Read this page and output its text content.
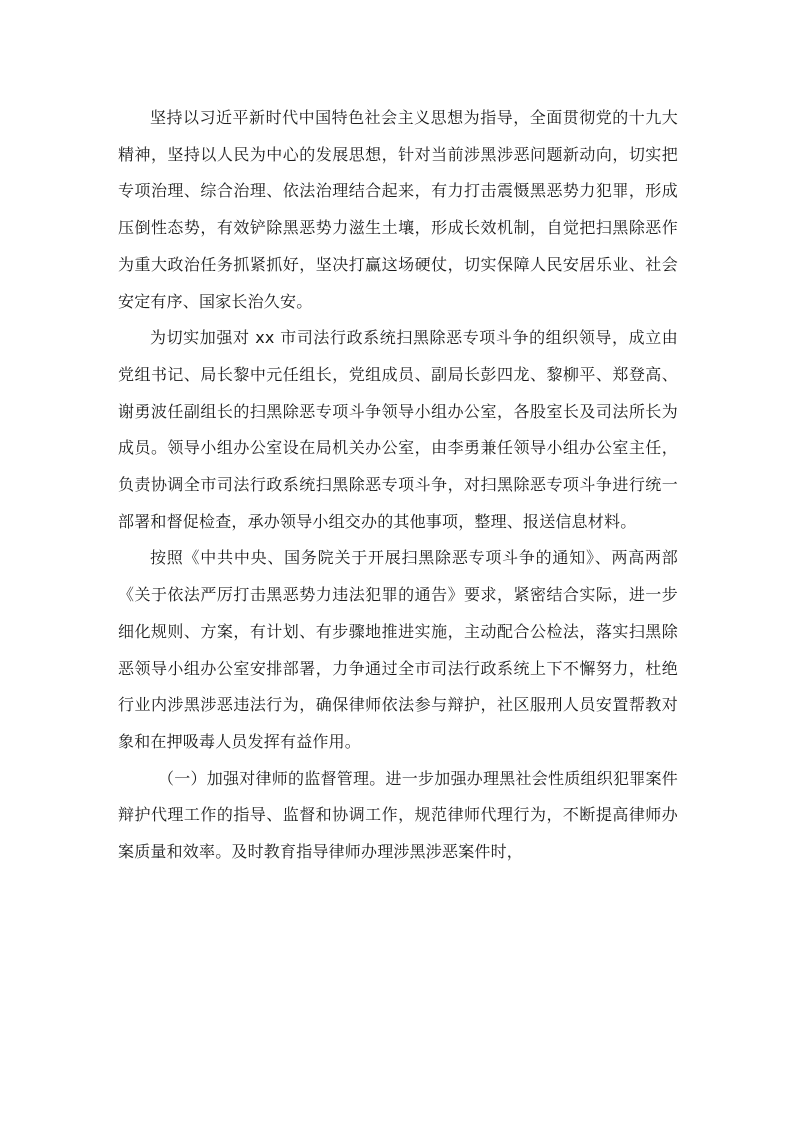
坚持以习近平新时代中国特色社会主义思想为指导，全面贯彻党的十九大精神，坚持以人民为中心的发展思想，针对当前涉黑涉恶问题新动向，切实把专项治理、综合治理、依法治理结合起来，有力打击震慑黑恶势力犯罪，形成压倒性态势，有效铲除黑恶势力滋生土壤，形成长效机制，自觉把扫黑除恶作为重大政治任务抓紧抓好，坚决打赢这场硬仗，切实保障人民安居乐业、社会安定有序、国家长治久安。

为切实加强对 xx 市司法行政系统扫黑除恶专项斗争的组织领导，成立由党组书记、局长黎中元任组长，党组成员、副局长彭四龙、黎柳平、郑登高、谢勇波任副组长的扫黑除恶专项斗争领导小组办公室，各股室长及司法所长为成员。领导小组办公室设在局机关办公室，由李勇兼任领导小组办公室主任，负责协调全市司法行政系统扫黑除恶专项斗争，对扫黑除恶专项斗争进行统一部署和督促检查，承办领导小组交办的其他事项，整理、报送信息材料。

按照《中共中央、国务院关于开展扫黑除恶专项斗争的通知》、两高两部《关于依法严厉打击黑恶势力违法犯罪的通告》要求，紧密结合实际，进一步细化规则、方案，有计划、有步骤地推进实施，主动配合公检法，落实扫黑除恶领导小组办公室安排部署，力争通过全市司法行政系统上下不懈努力，杜绝行业内涉黑涉恶违法行为，确保律师依法参与辩护，社区服刑人员安置帮教对象和在押吸毒人员发挥有益作用。

（一）加强对律师的监督管理。进一步加强办理黑社会性质组织犯罪案件辩护代理工作的指导、监督和协调工作，规范律师代理行为，不断提高律师办案质量和效率。及时教育指导律师办理涉黑涉恶案件时，
